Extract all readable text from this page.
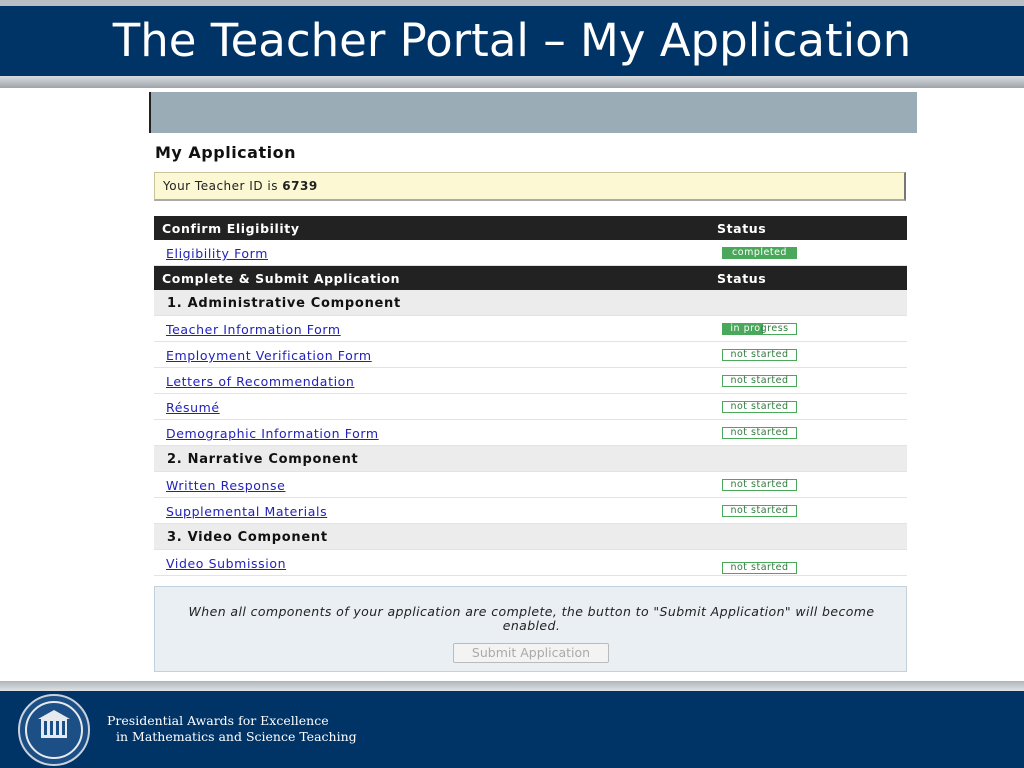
The Teacher Portal – My Application
My Application
Your Teacher ID is 6739
Confirm Eligibility	Status
Eligibility Form	completed
Complete & Submit Application	Status
1. Administrative Component
Teacher Information Form	in progress
Employment Verification Form	not started
Letters of Recommendation	not started
Résumé	not started
Demographic Information Form	not started
2. Narrative Component
Written Response	not started
Supplemental Materials	not started
3. Video Component
Video Submission	not started
When all components of your application are complete, the button to "Submit Application" will become enabled.
Submit Application
Presidential Awards for Excellence
in Mathematics and Science Teaching
